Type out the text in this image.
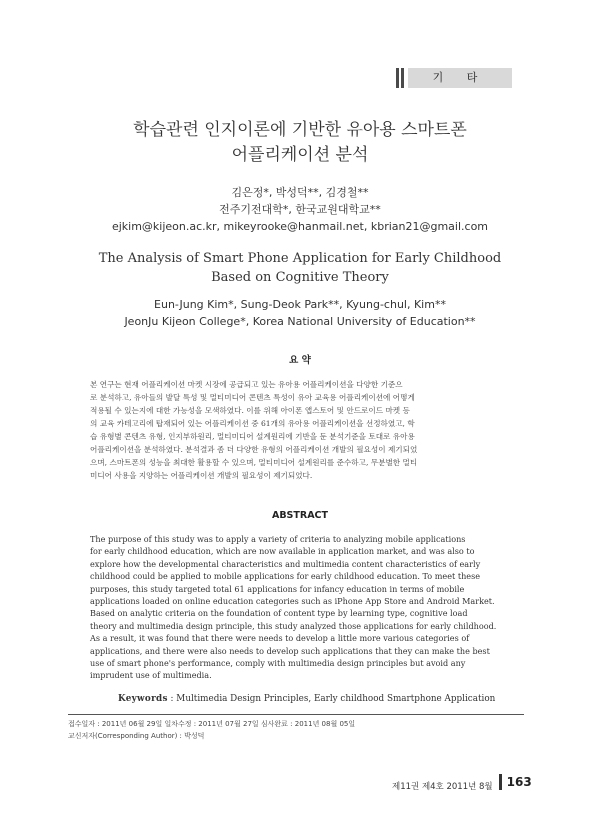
기 타
학습관련 인지이론에 기반한 유아용 스마트폰
어플리케이션 분석
김은정*, 박성덕**, 김경철**
전주기전대학*, 한국교원대학교**
ejkim@kijeon.ac.kr, mikeyrooke@hanmail.net, kbrian21@gmail.com
The Analysis of Smart Phone Application for Early Childhood
Based on Cognitive Theory
Eun-Jung Kim*, Sung-Deok Park**, Kyung-chul, Kim**
JeonJu Kijeon College*, Korea National University of Education**
요 약
본 연구는 현재 어플리케이션 마켓 시장에 공급되고 있는 유아용 어플리케이션을 다양한 기준으
로 분석하고, 유아들의 발달 특성 및 멀티미디어 콘텐츠 특성이 유아 교육용 어플리케이션에 어떻게
적용될 수 있는지에 대한 가능성을 모색하였다. 이를 위해 아이폰 앱스토어 및 안드로이드 마켓 등
의 교육 카테고리에 탑재되어 있는 어플리케이션 중 61개의 유아용 어플리케이션을 선정하였고, 학
습 유형별 콘텐츠 유형, 인지부하원리, 멀티미디어 설계원리에 기반을 둔 분석기준을 토대로 유아용
어플리케이션을 분석하였다. 분석결과 좀 더 다양한 유형의 어플리케이션 개발의 필요성이 제기되었
으며, 스마트폰의 성능을 최대한 활용할 수 있으며, 멀티미디어 설계원리를 준수하고, 무분별한 멀티
미디어 사용을 지양하는 어플리케이션 개발의 필요성이 제기되었다.
ABSTRACT
The purpose of this study was to apply a variety of criteria to analyzing mobile applications
for early childhood education, which are now available in application market, and was also to
explore how the developmental characteristics and multimedia content characteristics of early
childhood could be applied to mobile applications for early childhood education. To meet these
purposes, this study targeted total 61 applications for infancy education in terms of mobile
applications loaded on online education categories such as iPhone App Store and Android Market.
Based on analytic criteria on the foundation of content type by learning type, cognitive load
theory and multimedia design principle, this study analyzed those applications for early childhood.
As a result, it was found that there were needs to develop a little more various categories of
applications, and there were also needs to develop such applications that they can make the best
use of smart phone's performance, comply with multimedia design principles but avoid any
imprudent use of multimedia.
Keywords : Multimedia Design Principles, Early childhood Smartphone Application
접수일자 : 2011년 06월 29일 일차수정 : 2011년 07월 27일 심사완료 : 2011년 08월 05일
교신저자(Corresponding Author) : 박성덕
제11권 제4호 2011년 8월 $^{163}$
